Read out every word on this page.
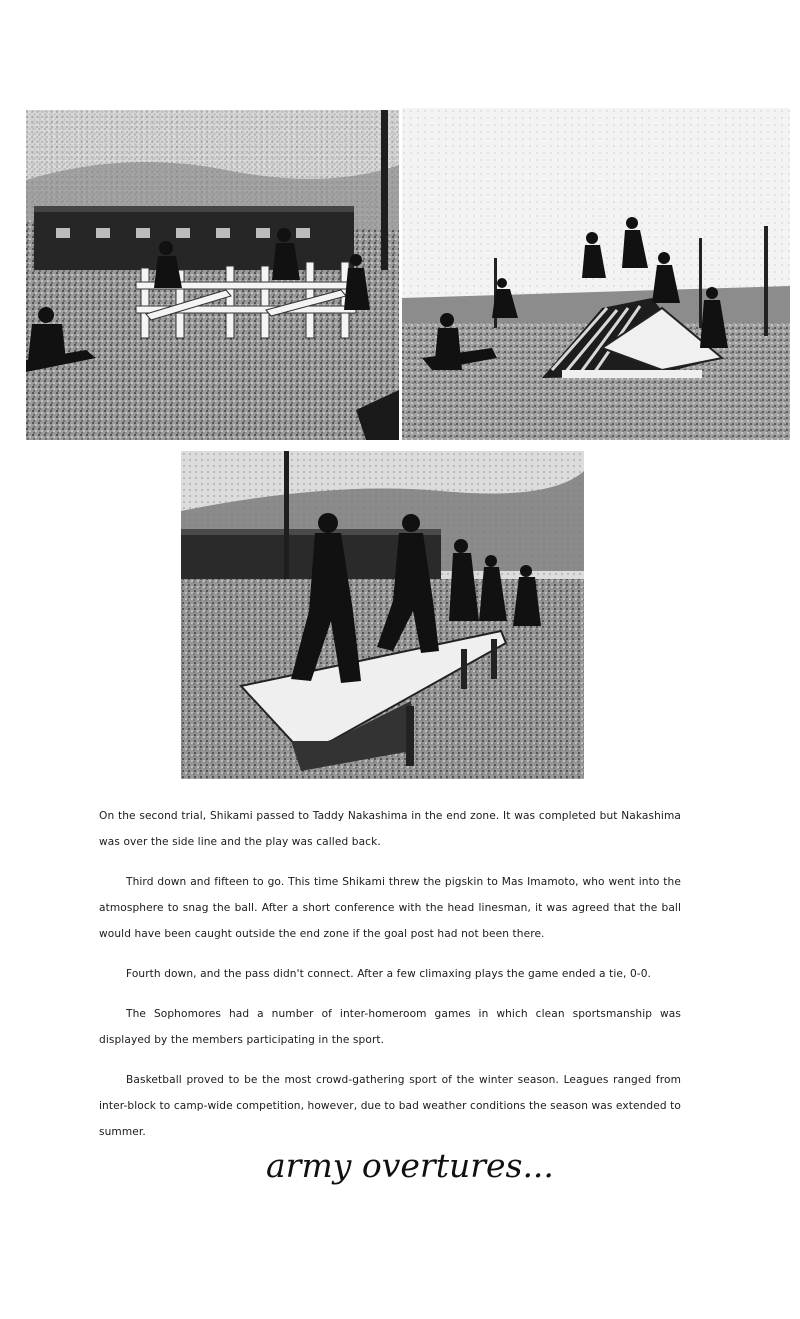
On the second trial, Shikami passed to Taddy Nakashima in the end zone. It was completed but Nakashima was over the side line and the play was called back.

Third down and fifteen to go. This time Shikami threw the pigskin to Mas Imamoto, who went into the atmosphere to snag the ball. After a short conference with the head linesman, it was agreed that the ball would have been caught outside the end zone if the goal post had not been there.

Fourth down, and the pass didn't connect. After a few climaxing plays the game ended a tie, 0-0.

The Sophomores had a number of inter-homeroom games in which clean sportsmanship was displayed by the members participating in the sport.

Basketball proved to be the most crowd-gathering sport of the winter season. Leagues ranged from inter-block to camp-wide competition, however, due to bad weather conditions the season was extended to summer.

army overtures...
